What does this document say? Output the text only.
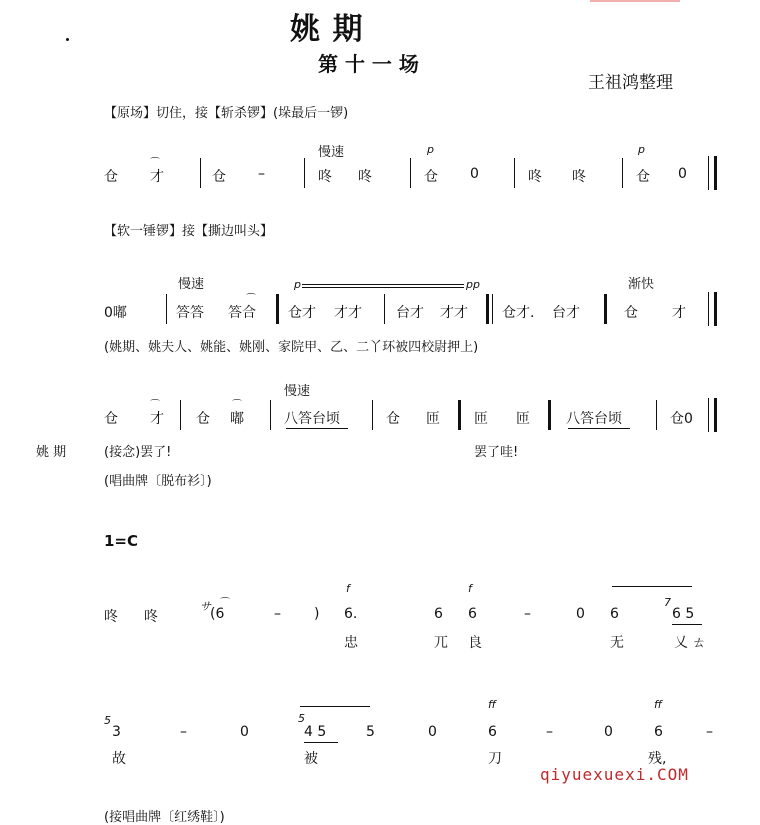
姚 期
第 十 一 场
王祖鸿整理
【原场】切住，接【斩杀锣】(垛最后一锣)
慢速	p	p
仓
⌒
才	仓 –	咚 咚	仓 0	咚 咚	仓 0
【软一锤锣】接【撕边叫头】
慢速	渐快
p	pp
0嘟	答答
⌒
答合 仓才 才才 台才 才才 仓才. 台才	仓 才
(姚期、姚夫人、姚能、姚刚、家院甲、乙、二丫环被四校尉押上)
慢速
仓
⌒
才 仓
⌒
嘟	八答台顷	仓 匝 匝 匝	八答台顷	仓0
姚 期	(接念)罢了!	罢了哇!
(唱曲牌〔脱布衫〕)
1=C
f	f
咚 咚
サ ⌒
(6	– ) 6.	6 6	–	0 6
7
6 5
忠	兀 良	无	乂 ㄊ
ff	ff
5
3	–	0
5
4 5	5	0	6	–	0	6	–
故	被	刀	残,
(接唱曲牌〔红绣鞋〕)
qiyuexuexi.COM
